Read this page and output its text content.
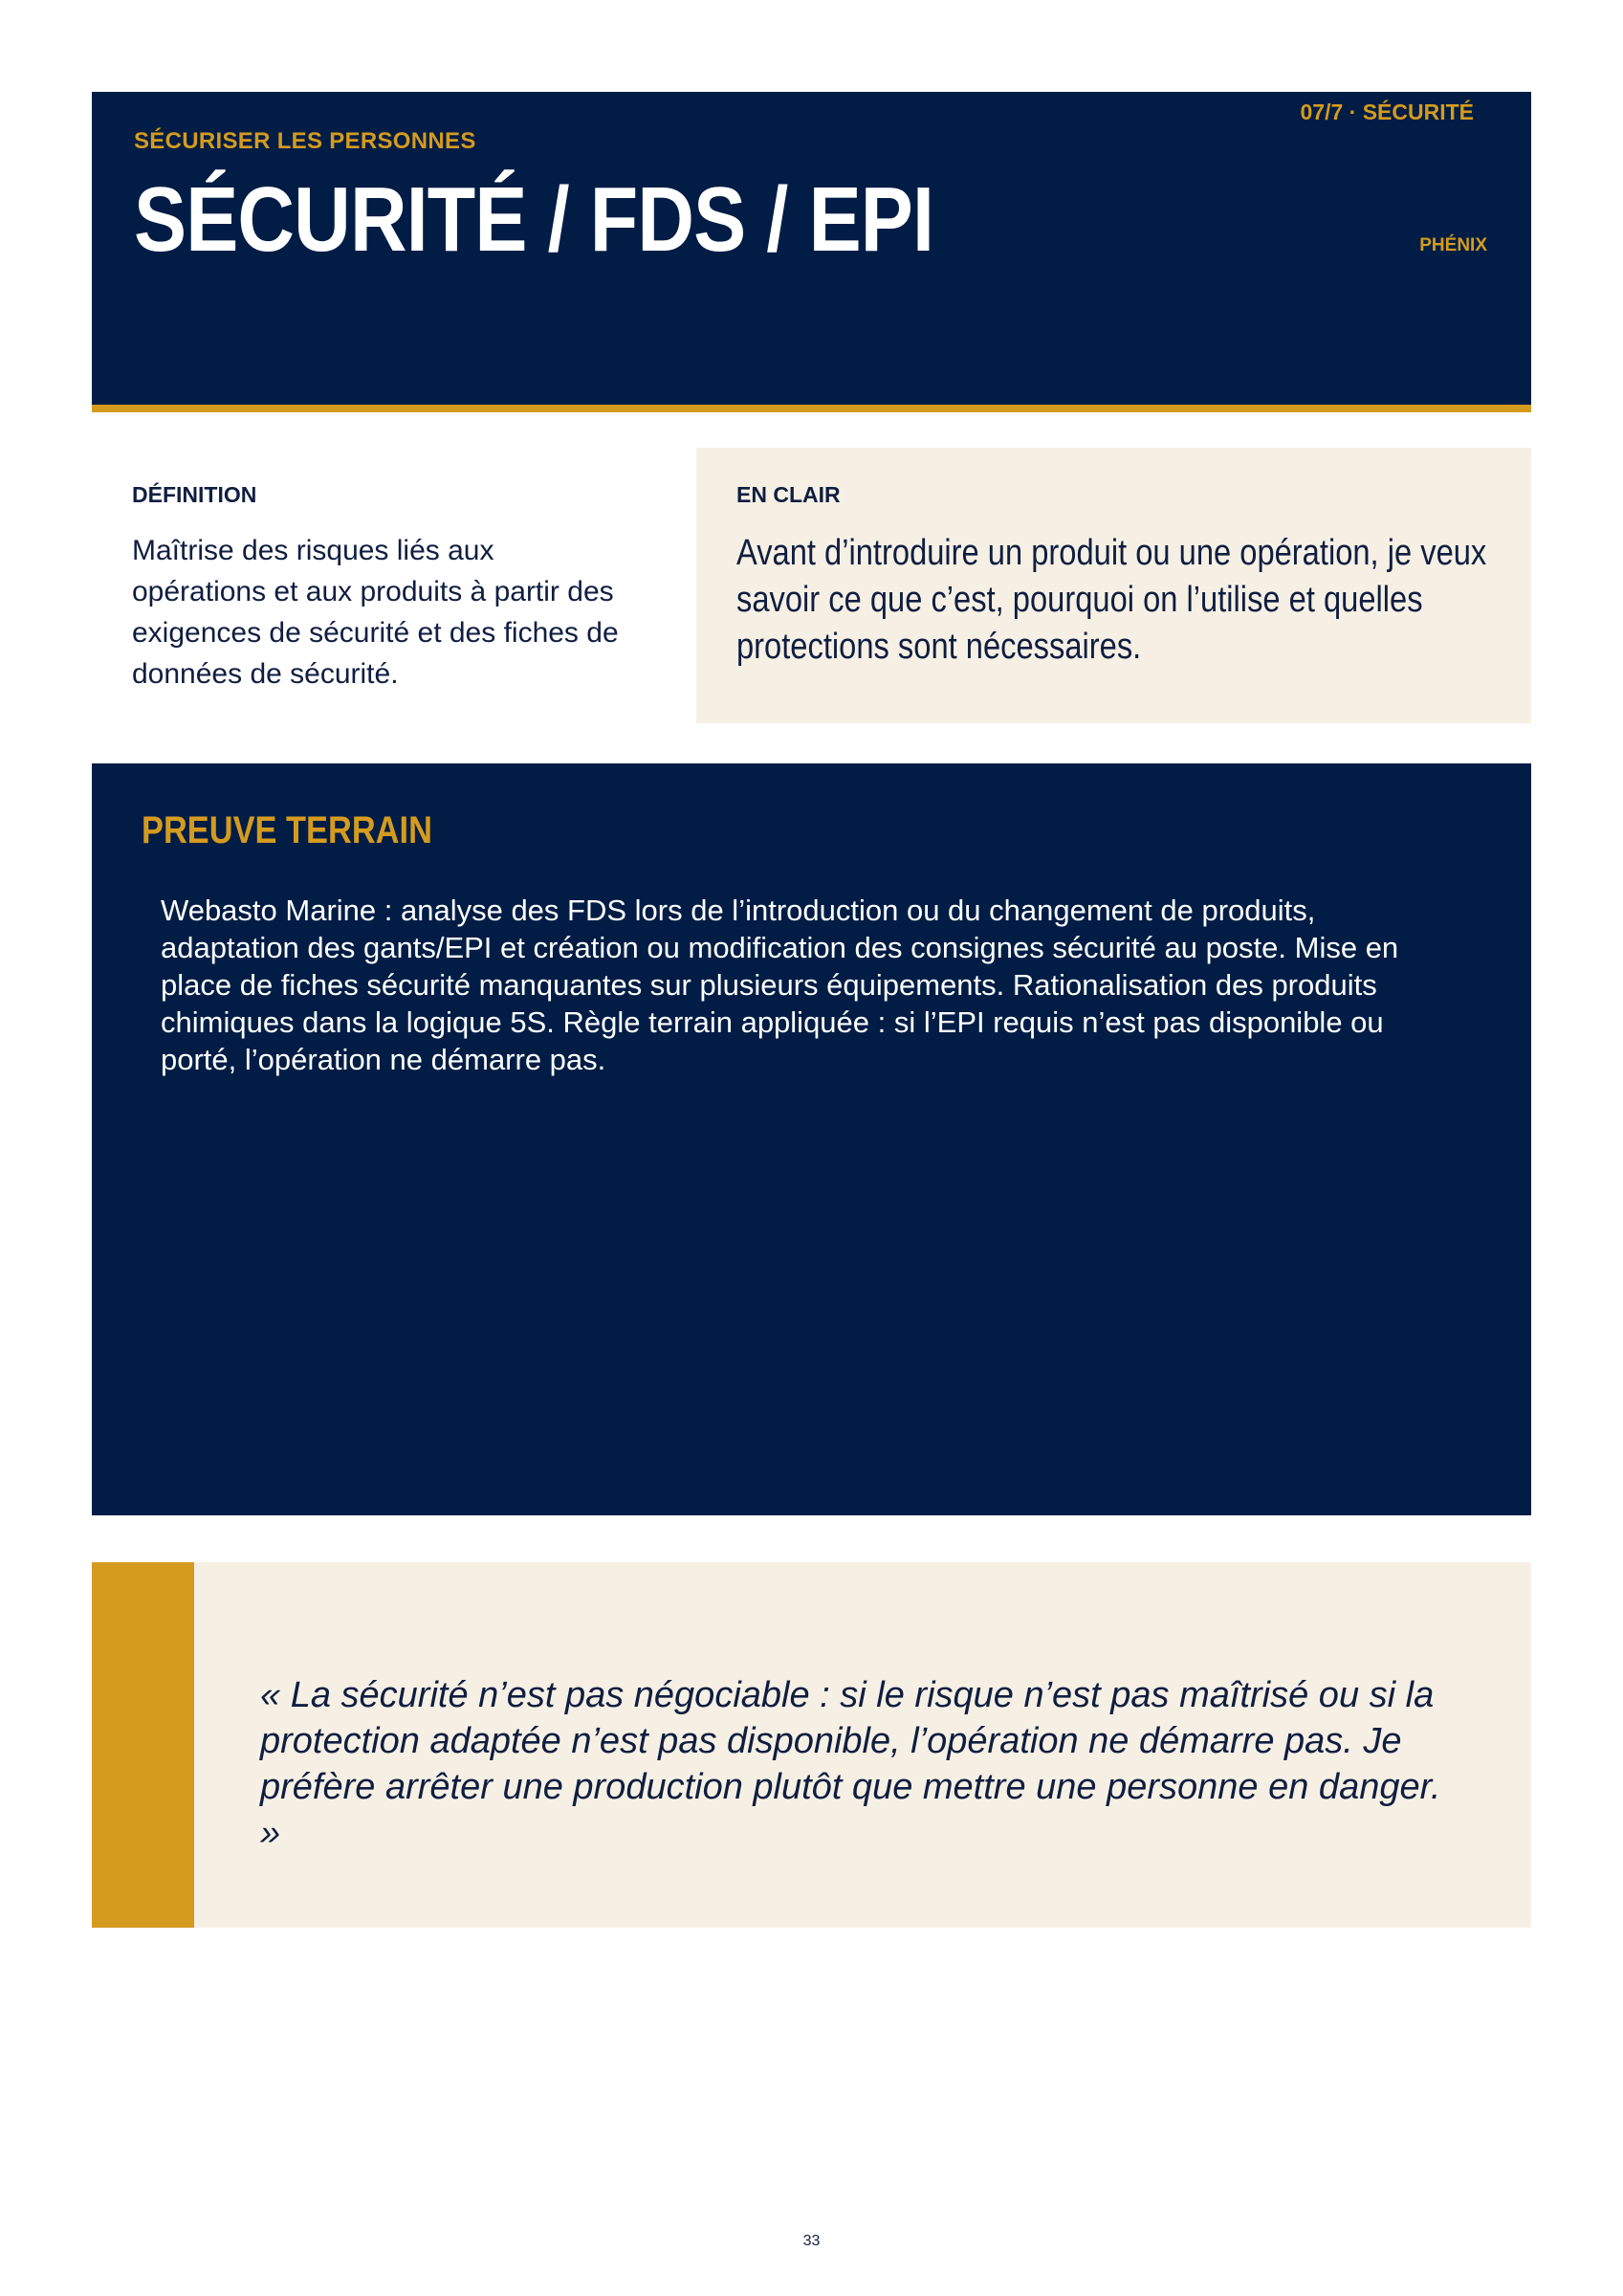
SÉCURISER LES PERSONNES
SÉCURITÉ / FDS / EPI
07/7 · SÉCURITÉ
PHÉNIX
DÉFINITION
Maîtrise des risques liés aux opérations et aux produits à partir des exigences de sécurité et des fiches de données de sécurité.
EN CLAIR
Avant d’introduire un produit ou une opération, je veux savoir ce que c’est, pourquoi on l’utilise et quelles protections sont nécessaires.
PREUVE TERRAIN
Webasto Marine : analyse des FDS lors de l’introduction ou du changement de produits, adaptation des gants/EPI et création ou modification des consignes sécurité au poste. Mise en place de fiches sécurité manquantes sur plusieurs équipements. Rationalisation des produits chimiques dans la logique 5S. Règle terrain appliquée : si l’EPI requis n’est pas disponible ou porté, l’opération ne démarre pas.
« La sécurité n’est pas négociable : si le risque n’est pas maîtrisé ou si la protection adaptée n’est pas disponible, l’opération ne démarre pas. Je préfère arrêter une production plutôt que mettre une personne en danger. »
33
